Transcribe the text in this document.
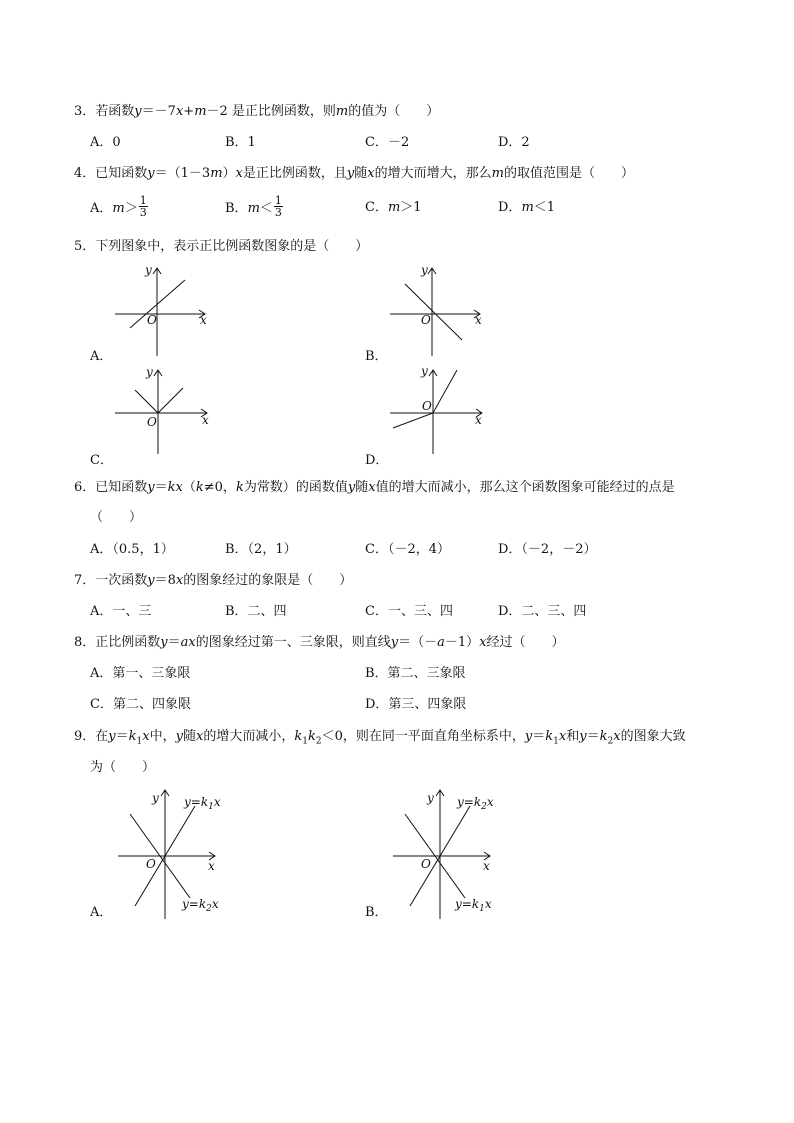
3．若函数y＝－7x+m－2 是正比例函数，则m的值为（　　）
A．0	B．1	C．－2	D．2
4．已知函数y＝（1－3m）x是正比例函数，且y随x的增大而增大，那么m的取值范围是（　　）
A．$m> \frac{1}{3}$	B．$m< \frac{1}{3}$	C．m＞1	D．m＜1
5．下列图象中，表示正比例函数图象的是（　　）
y
x
O
A．
y
x
O
B．
y
x
O
C．
y
x
O
D．
6．已知函数y＝kx（k≠0，k为常数）的函数值y随x值的增大而减小，那么这个函数图象可能经过的点是
（　　）
A．（0.5，1）	B．（2，1）	C．（－2，4）	D．（－2，－2）
7．一次函数y＝8x的图象经过的象限是（　　）
A．一、三	B．二、四	C．一、三、四	D．二、三、四
8．正比例函数y＝ax的图象经过第一、三象限，则直线y＝（－a－1）x经过（　　）
A．第一、三象限	B．第二、三象限
C．第二、四象限	D．第三、四象限
9．在$y=k_1x$中，y随x的增大而减小，$k_1k_2<0$，则在同一平面直角坐标系中，$y=k_1x$和$y=k_2x$的图象大致
为（　　）
y
x
O
$y=k_1x$
$y=k_2x$
A．
y
x
O
$y=k_2x$
$y=k_1x$
B．
